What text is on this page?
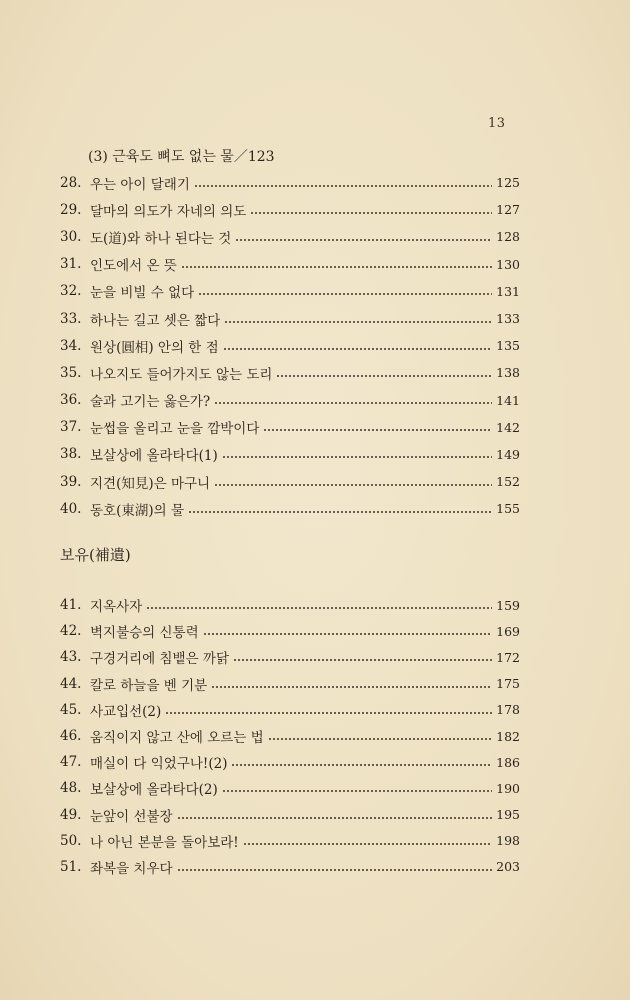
13
(3) 근육도 뼈도 없는 물／123
28. 우는 아이 달래기	125
29. 달마의 의도가 자네의 의도	127
30. 도(道)와 하나 된다는 것	128
31. 인도에서 온 뜻	130
32. 눈을 비빌 수 없다	131
33. 하나는 길고 셋은 짧다	133
34. 원상(圓相) 안의 한 점	135
35. 나오지도 들어가지도 않는 도리	138
36. 술과 고기는 옳은가?	141
37. 눈썹을 올리고 눈을 깜박이다	142
38. 보살상에 올라타다(1)	149
39. 지견(知見)은 마구니	152
40. 동호(東湖)의 물	155
보유(補遺)
41. 지옥사자	159
42. 벽지불승의 신통력	169
43. 구경거리에 침뱉은 까닭	172
44. 칼로 하늘을 벤 기분	175
45. 사교입선(2)	178
46. 움직이지 않고 산에 오르는 법	182
47. 매실이 다 익었구나!(2)	186
48. 보살상에 올라타다(2)	190
49. 눈앞이 선불장	195
50. 나 아닌 본분을 돌아보라!	198
51. 좌복을 치우다	203
